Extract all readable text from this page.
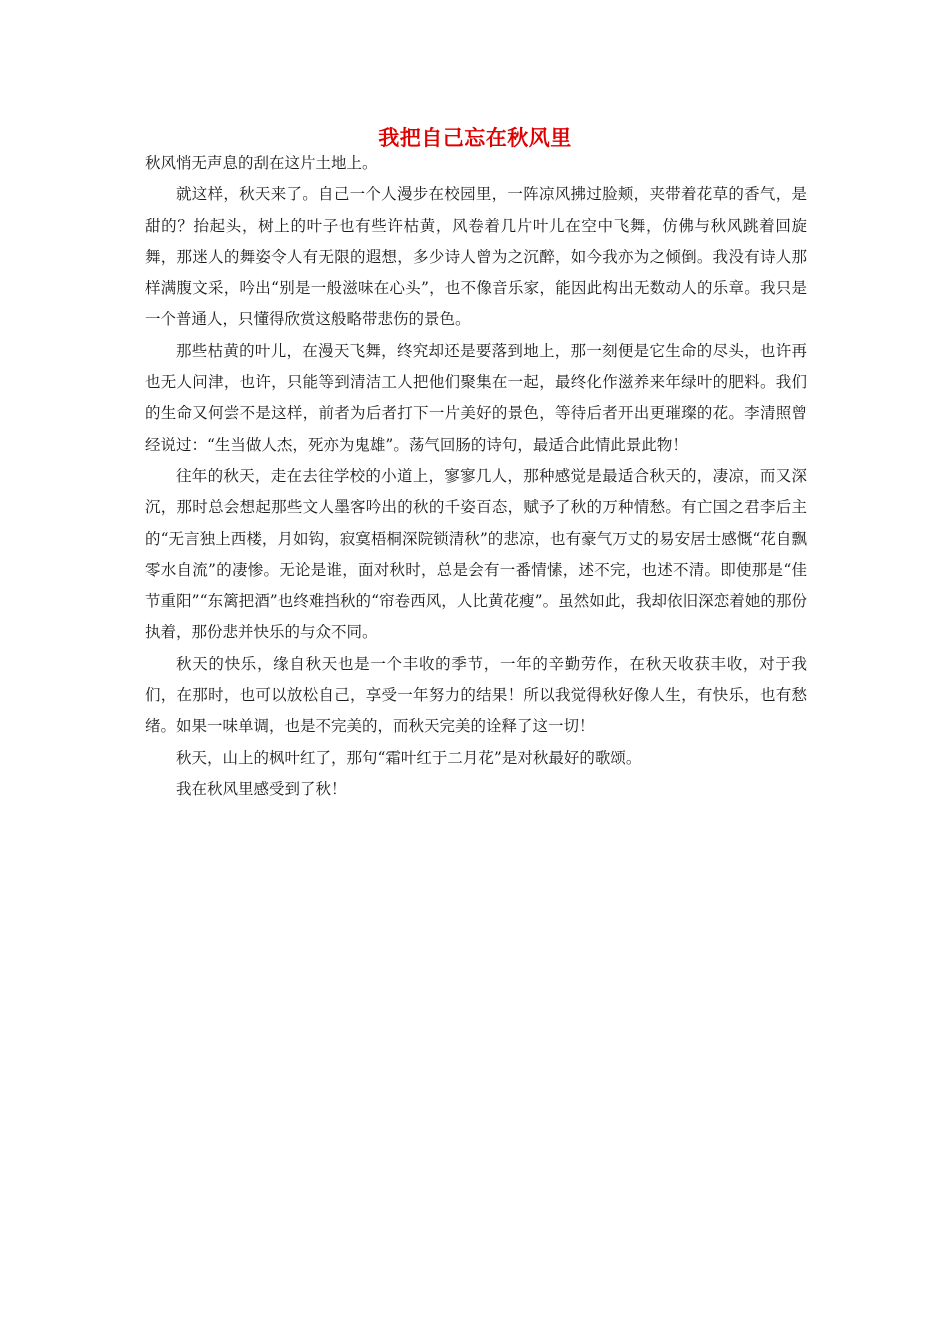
我把自己忘在秋风里

秋风悄无声息的刮在这片土地上。

就这样，秋天来了。自己一个人漫步在校园里，一阵凉风拂过脸颊，夹带着花草的香气，是甜的？抬起头，树上的叶子也有些许枯黄，风卷着几片叶儿在空中飞舞，仿佛与秋风跳着回旋舞，那迷人的舞姿令人有无限的遐想，多少诗人曾为之沉醉，如今我亦为之倾倒。我没有诗人那样满腹文采，吟出“别是一般滋味在心头”，也不像音乐家，能因此构出无数动人的乐章。我只是一个普通人，只懂得欣赏这般略带悲伤的景色。

那些枯黄的叶儿，在漫天飞舞，终究却还是要落到地上，那一刻便是它生命的尽头，也许再也无人问津，也许，只能等到清洁工人把他们聚集在一起，最终化作滋养来年绿叶的肥料。我们的生命又何尝不是这样，前者为后者打下一片美好的景色，等待后者开出更璀璨的花。李清照曾经说过：“生当做人杰，死亦为鬼雄”。荡气回肠的诗句，最适合此情此景此物！

往年的秋天，走在去往学校的小道上，寥寥几人，那种感觉是最适合秋天的，凄凉，而又深沉，那时总会想起那些文人墨客吟出的秋的千姿百态，赋予了秋的万种情愁。有亡国之君李后主的“无言独上西楼，月如钩，寂寞梧桐深院锁清秋”的悲凉，也有豪气万丈的易安居士感慨“花自飘零水自流”的凄惨。无论是谁，面对秋时，总是会有一番情愫，述不完，也述不清。即使那是“佳节重阳”“东篱把酒”也终难挡秋的“帘卷西风，人比黄花瘦”。虽然如此，我却依旧深恋着她的那份执着，那份悲并快乐的与众不同。

秋天的快乐，缘自秋天也是一个丰收的季节，一年的辛勤劳作，在秋天收获丰收，对于我们，在那时，也可以放松自己，享受一年努力的结果！所以我觉得秋好像人生，有快乐，也有愁绪。如果一味单调，也是不完美的，而秋天完美的诠释了这一切！

秋天，山上的枫叶红了，那句“霜叶红于二月花”是对秋最好的歌颂。

我在秋风里感受到了秋！
